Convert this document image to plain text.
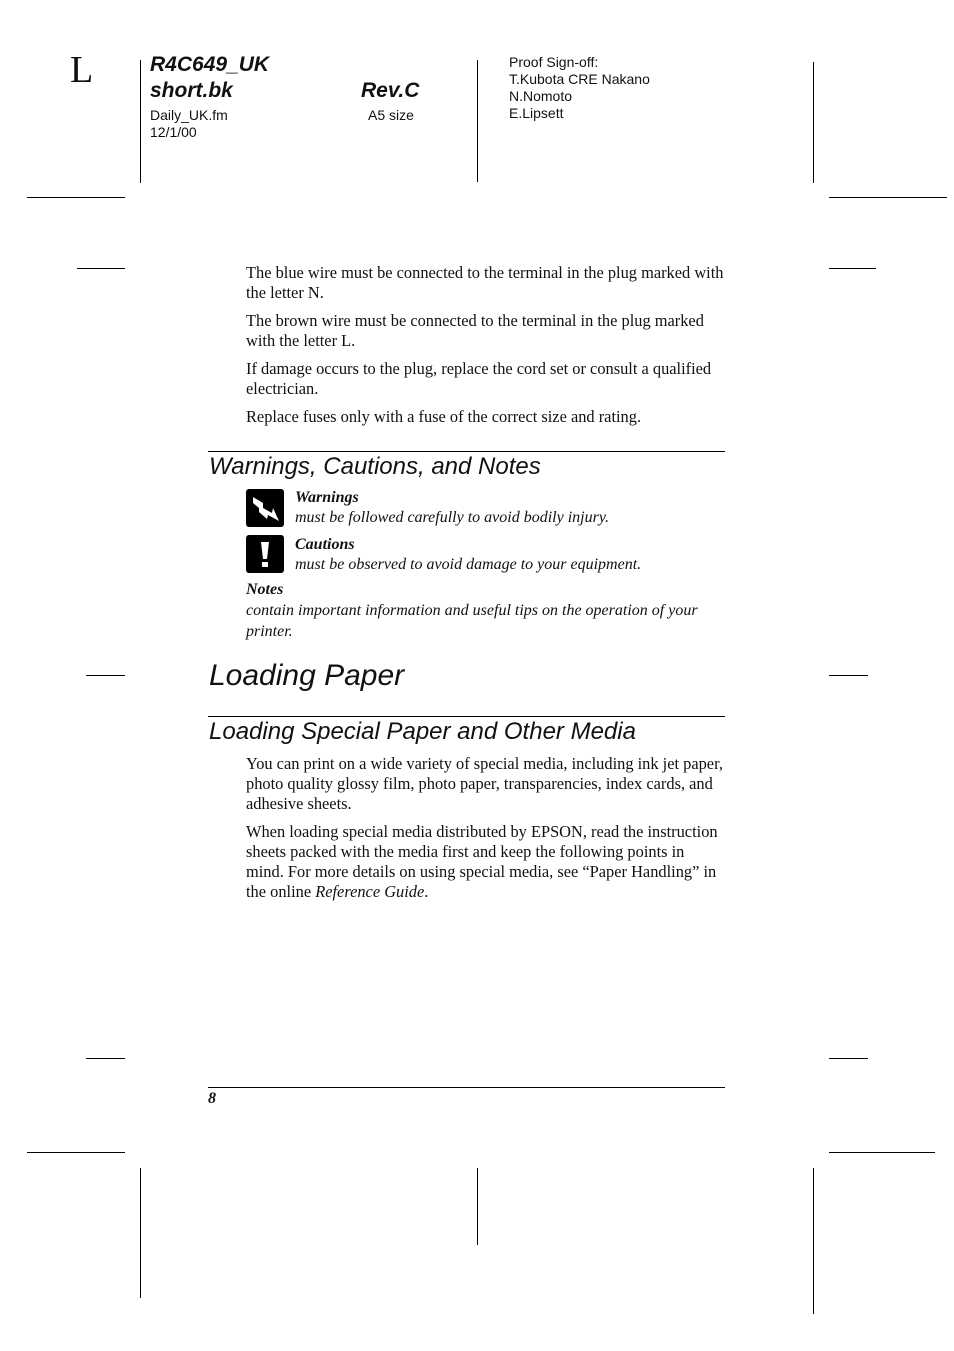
L	R4C649_UK
short.bk	Rev.C
Daily_UK.fm
12/1/00
A5 size
Proof Sign-off:
T.Kubota CRE Nakano
N.Nomoto
E.Lipsett

The blue wire must be connected to the terminal in the plug marked with the letter N.

The brown wire must be connected to the terminal in the plug marked with the letter L.

If damage occurs to the plug, replace the cord set or consult a qualified electrician.

Replace fuses only with a fuse of the correct size and rating.

Warnings, Cautions, and Notes
Warnings
must be followed carefully to avoid bodily injury.
Cautions
must be observed to avoid damage to your equipment.
Notes
contain important information and useful tips on the operation of your printer.
Loading Paper
Loading Special Paper and Other Media

You can print on a wide variety of special media, including ink jet paper, photo quality glossy film, photo paper, transparencies, index cards, and adhesive sheets.

When loading special media distributed by EPSON, read the instruction sheets packed with the media first and keep the following points in mind. For more details on using special media, see “Paper Handling” in the online Reference Guide.

8
